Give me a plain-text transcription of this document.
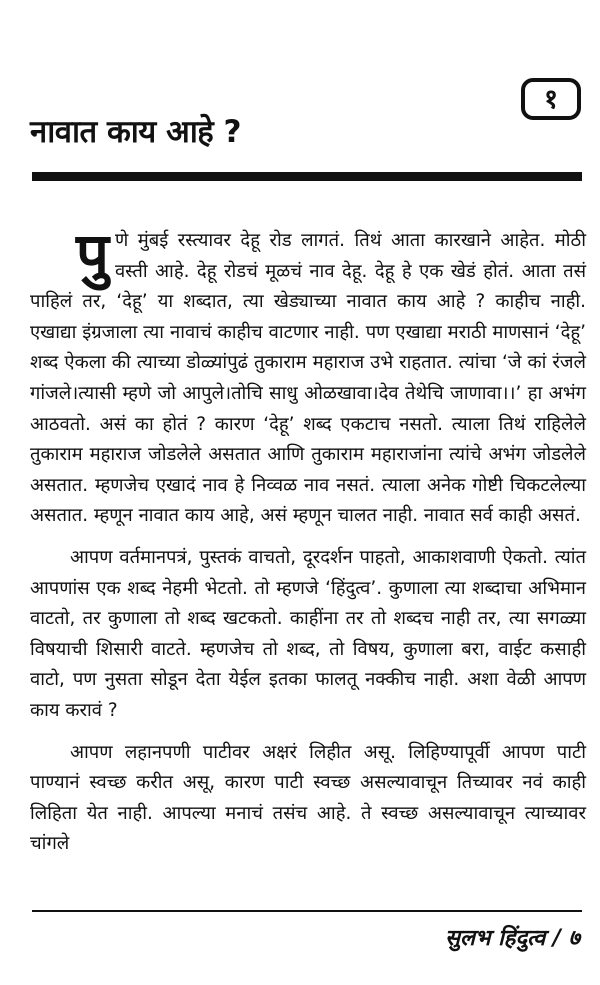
१
नावात काय आहे ?

पु णे मुंबई रस्त्यावर देहू रोड लागतं. तिथं आता कारखाने आहेत. मोठी वस्ती आहे. देहू रोडचं मूळचं नाव देहू. देहू हे एक खेडं होतं. आता तसं पाहिलं तर, ‘देहू’ या शब्दात, त्या खेड्याच्या नावात काय आहे ? काहीच नाही. एखाद्या इंग्रजाला त्या नावाचं काहीच वाटणार नाही. पण एखाद्या मराठी माणसानं ‘देहू’ शब्द ऐकला की त्याच्या डोळ्यांपुढं तुकाराम महाराज उभे राहतात. त्यांचा ‘जे कां रंजले गांजले।त्यासी म्हणे जो आपुले।तोचि साधु ओळखावा।देव तेथेचि जाणावा।।’ हा अभंग आठवतो. असं का होतं ? कारण ‘देहू’ शब्द एकटाच नसतो. त्याला तिथं राहिलेले तुकाराम महाराज जोडलेले असतात आणि तुकाराम महाराजांना त्यांचे अभंग जोडलेले असतात. म्हणजेच एखादं नाव हे निव्वळ नाव नसतं. त्याला अनेक गोष्टी चिकटलेल्या असतात. म्हणून नावात काय आहे, असं म्हणून चालत नाही. नावात सर्व काही असतं.

आपण वर्तमानपत्रं, पुस्तकं वाचतो, दूरदर्शन पाहतो, आकाशवाणी ऐकतो. त्यांत आपणांस एक शब्द नेहमी भेटतो. तो म्हणजे ‘हिंदुत्व’. कुणाला त्या शब्दाचा अभिमान वाटतो, तर कुणाला तो शब्द खटकतो. काहींना तर तो शब्दच नाही तर, त्या सगळ्या विषयाची शिसारी वाटते. म्हणजेच तो शब्द, तो विषय, कुणाला बरा, वाईट कसाही वाटो, पण नुसता सोडून देता येईल इतका फालतू नक्कीच नाही. अशा वेळी आपण काय करावं ?

आपण लहानपणी पाटीवर अक्षरं लिहीत असू. लिहिण्यापूर्वी आपण पाटी पाण्यानं स्वच्छ करीत असू, कारण पाटी स्वच्छ असल्यावाचून तिच्यावर नवं काही लिहिता येत नाही. आपल्या मनाचं तसंच आहे. ते स्वच्छ असल्यावाचून त्याच्यावर चांगले

सुलभ हिंदुत्व / ७
